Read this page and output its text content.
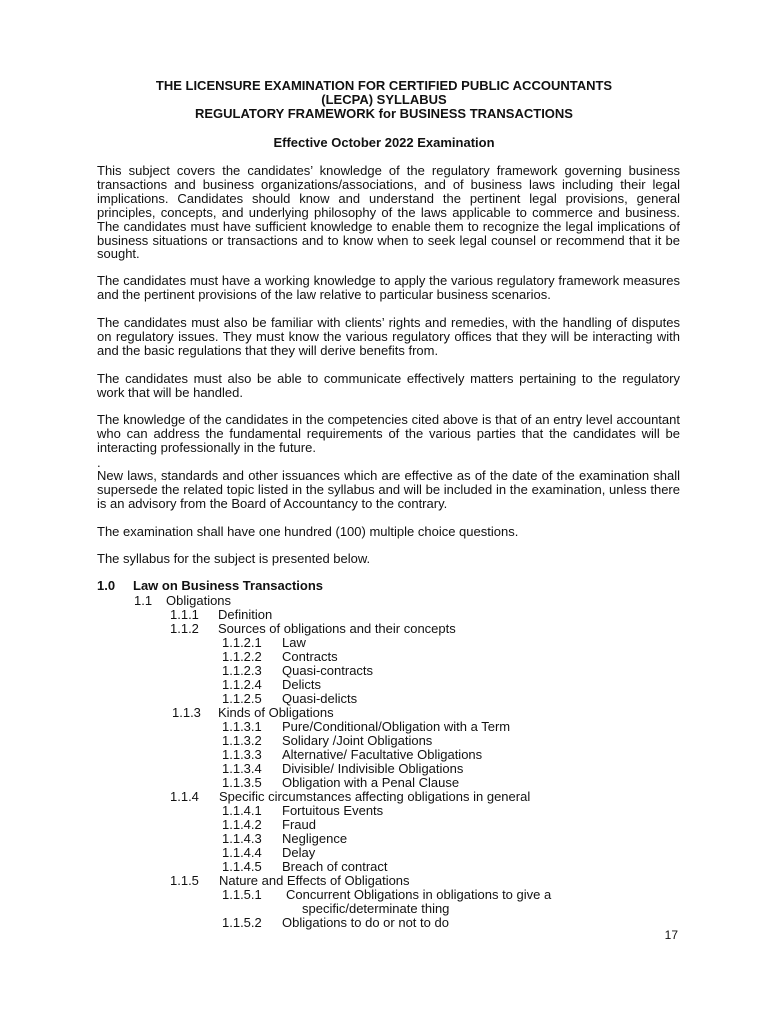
THE LICENSURE EXAMINATION FOR CERTIFIED PUBLIC ACCOUNTANTS
(LECPA) SYLLABUS
REGULATORY FRAMEWORK for BUSINESS TRANSACTIONS
Effective October 2022 Examination

This subject covers the candidates’ knowledge of the regulatory framework governing business transactions and business organizations/associations, and of business laws including their legal implications. Candidates should know and understand the pertinent legal provisions, general principles, concepts, and underlying philosophy of the laws applicable to commerce and business. The candidates must have sufficient knowledge to enable them to recognize the legal implications of business situations or transactions and to know when to seek legal counsel or recommend that it be sought.

The candidates must have a working knowledge to apply the various regulatory framework measures and the pertinent provisions of the law relative to particular business scenarios.

The candidates must also be familiar with clients’ rights and remedies, with the handling of disputes on regulatory issues. They must know the various regulatory offices that they will be interacting with and the basic regulations that they will derive benefits from.

The candidates must also be able to communicate effectively matters pertaining to the regulatory work that will be handled.

The knowledge of the candidates in the competencies cited above is that of an entry level accountant who can address the fundamental requirements of the various parties that the candidates will be interacting professionally in the future.

.

New laws, standards and other issuances which are effective as of the date of the examination shall supersede the related topic listed in the syllabus and will be included in the examination, unless there is an advisory from the Board of Accountancy to the contrary.

The examination shall have one hundred (100) multiple choice questions.

The syllabus for the subject is presented below.

1.0 Law on Business Transactions
1.1 Obligations
1.1.1 Definition
1.1.2 Sources of obligations and their concepts
1.1.2.1 Law
1.1.2.2 Contracts
1.1.2.3 Quasi-contracts
1.1.2.4 Delicts
1.1.2.5 Quasi-delicts
1.1.3 Kinds of Obligations
1.1.3.1 Pure/Conditional/Obligation with a Term
1.1.3.2 Solidary /Joint Obligations
1.1.3.3 Alternative/ Facultative Obligations
1.1.3.4 Divisible/ Indivisible Obligations
1.1.3.5 Obligation with a Penal Clause
1.1.4 Specific circumstances affecting obligations in general
1.1.4.1 Fortuitous Events
1.1.4.2 Fraud
1.1.4.3 Negligence
1.1.4.4 Delay
1.1.4.5 Breach of contract
1.1.5 Nature and Effects of Obligations
1.1.5.1 Concurrent Obligations in obligations to give a
specific/determinate thing
1.1.5.2 Obligations to do or not to do
17
